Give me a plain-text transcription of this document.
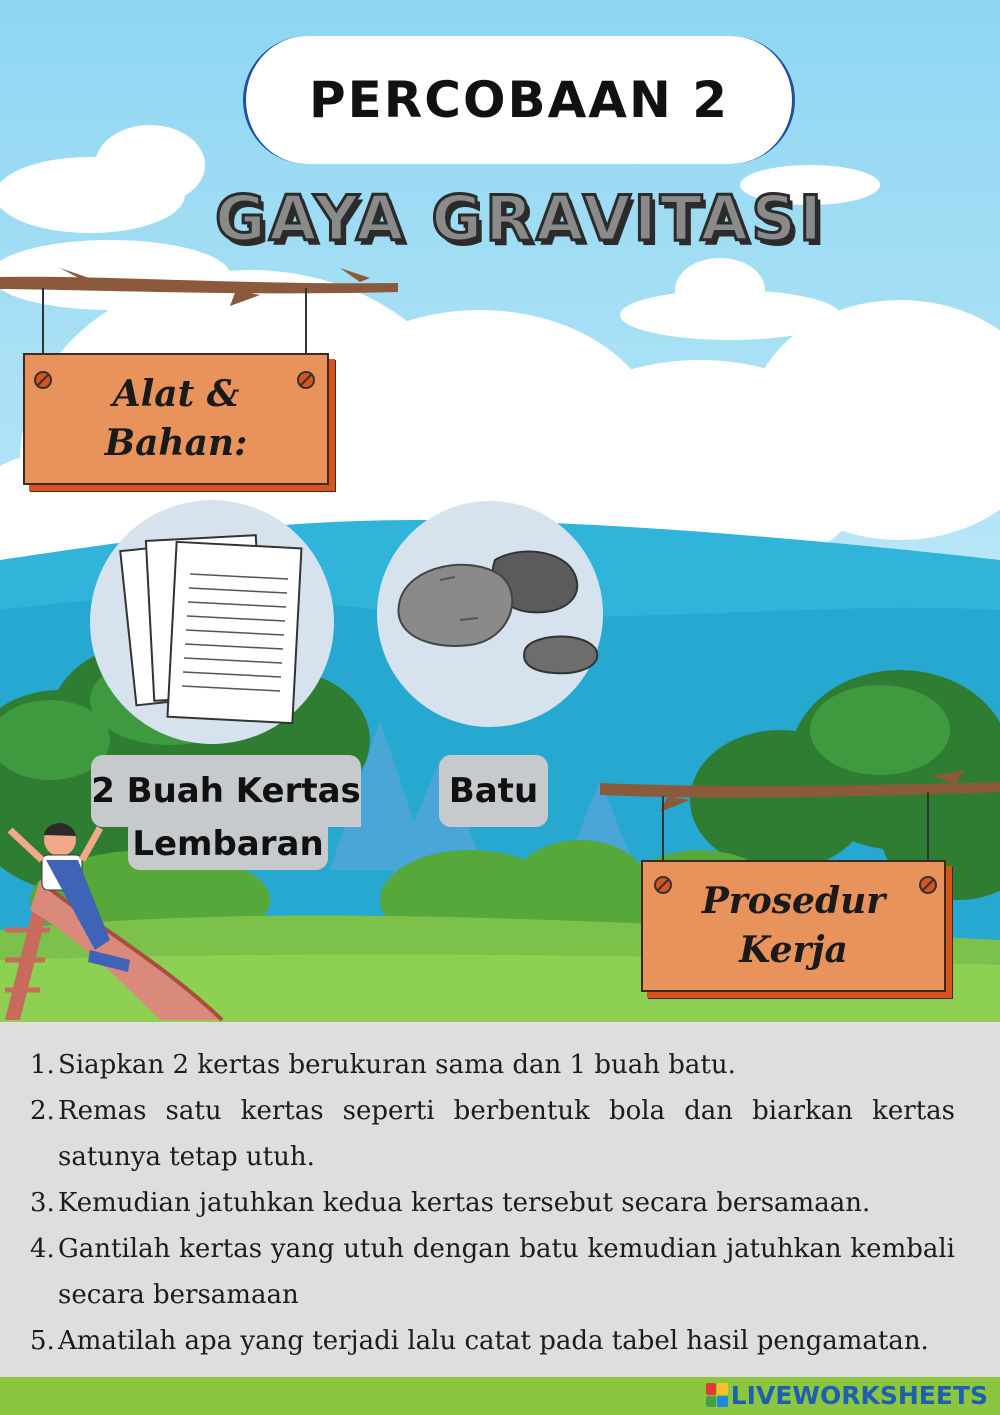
PERCOBAAN 2
GAYA GRAVITASI
Alat &
Bahan:
2 Buah Kertas
Lembaran
Batu
Prosedur
Kerja
1. Siapkan 2 kertas berukuran sama dan 1 buah batu.
2. Remas satu kertas seperti berbentuk bola dan biarkan kertas satunya tetap utuh.
3. Kemudian jatuhkan kedua kertas tersebut secara bersamaan.
4. Gantilah kertas yang utuh dengan batu kemudian jatuhkan kembali secara bersamaan
5. Amatilah apa yang terjadi lalu catat pada tabel hasil pengamatan.
LIVEWORKSHEETS
